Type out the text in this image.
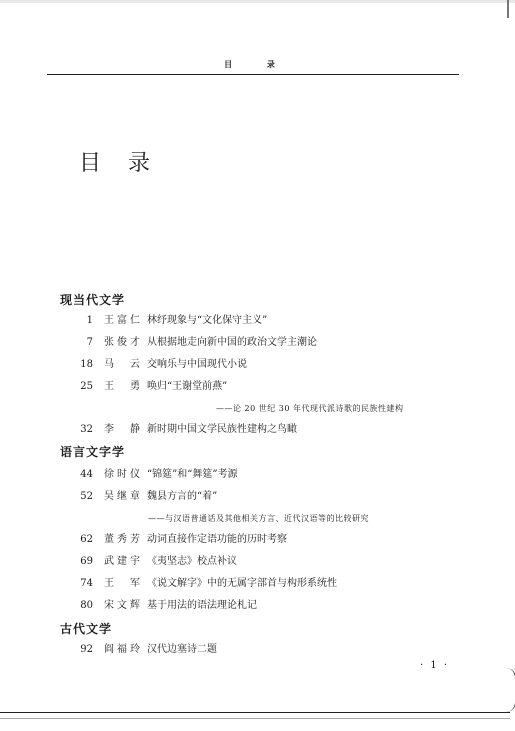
目 录
目 录
现当代文学
1 王富仁 林纾现象与“文化保守主义”
7 张俊才 从根据地走向新中国的政治文学主潮论
18 马 云 交响乐与中国现代小说
25 王 勇 唤归“王谢堂前燕”
——论 20 世纪 30 年代现代派诗歌的民族性建构
32 李 静 新时期中国文学民族性建构之鸟瞰
语言文字学
44 徐时仪 “锦筵”和“舞筵”考源
52 吴继章 魏县方言的“着”
——与汉语普通话及其他相关方言、近代汉语等的比较研究
62 董秀芳 动词直接作定语功能的历时考察
69 武建宇 《夷坚志》校点补议
74 王 军 《说文解字》中的无属字部首与构形系统性
80 宋文辉 基于用法的语法理论札记
古代文学
92 阎福玲 汉代边塞诗二题
· 1 ·
